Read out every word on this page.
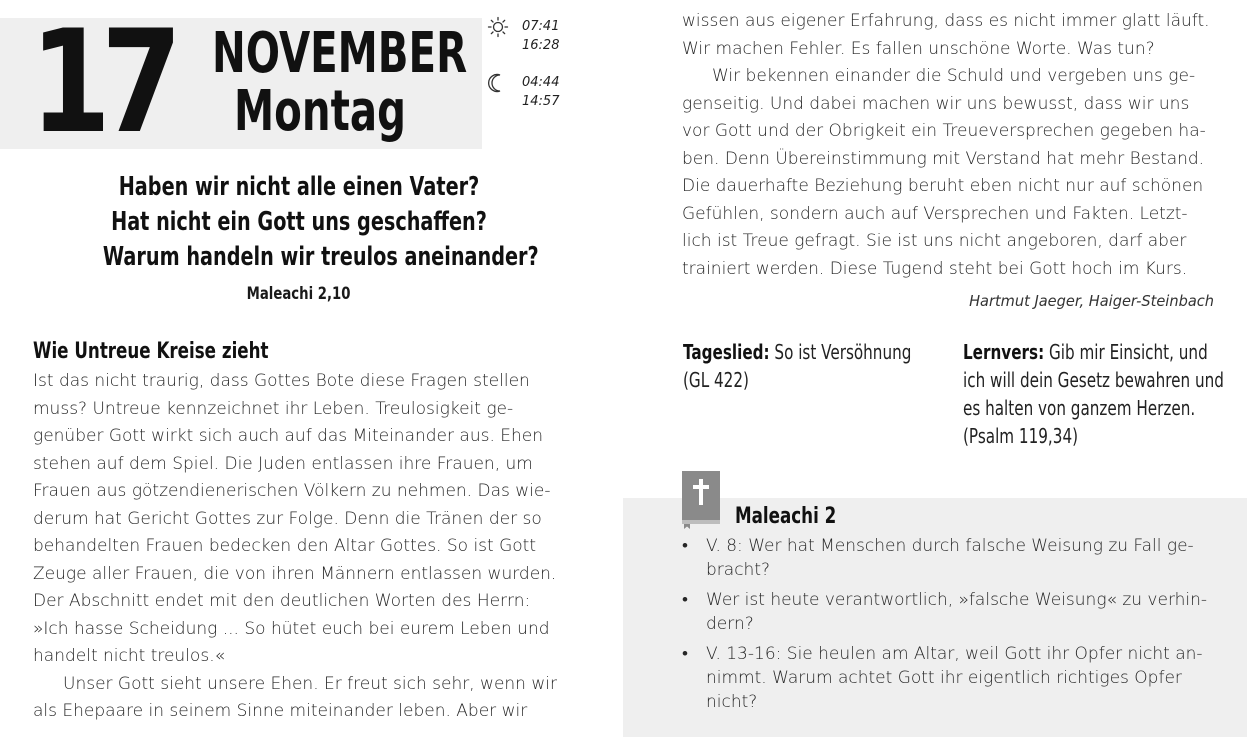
17 NOVEMBER
Montag
07:41
16:28
04:44
14:57
Haben wir nicht alle einen Vater?
Hat nicht ein Gott uns geschaffen?
Warum handeln wir treulos aneinander?
Maleachi 2,10
Wie Untreue Kreise zieht
Ist das nicht traurig, dass Gottes Bote diese Fragen stellen
muss? Untreue kennzeichnet ihr Leben. Treulosigkeit ge-
genüber Gott wirkt sich auch auf das Miteinander aus. Ehen
stehen auf dem Spiel. Die Juden entlassen ihre Frauen, um
Frauen aus götzendienerischen Völkern zu nehmen. Das wie-
derum hat Gericht Gottes zur Folge. Denn die Tränen der so
behandelten Frauen bedecken den Altar Gottes. So ist Gott
Zeuge aller Frauen, die von ihren Männern entlassen wurden.
Der Abschnitt endet mit den deutlichen Worten des Herrn:
»Ich hasse Scheidung ... So hütet euch bei eurem Leben und
handelt nicht treulos.«
Unser Gott sieht unsere Ehen. Er freut sich sehr, wenn wir
als Ehepaare in seinem Sinne miteinander leben. Aber wir
wissen aus eigener Erfahrung, dass es nicht immer glatt läuft.
Wir machen Fehler. Es fallen unschöne Worte. Was tun?
Wir bekennen einander die Schuld und vergeben uns ge-
genseitig. Und dabei machen wir uns bewusst, dass wir uns
vor Gott und der Obrigkeit ein Treueversprechen gegeben ha-
ben. Denn Übereinstimmung mit Verstand hat mehr Bestand.
Die dauerhafte Beziehung beruht eben nicht nur auf schönen
Gefühlen, sondern auch auf Versprechen und Fakten. Letzt-
lich ist Treue gefragt. Sie ist uns nicht angeboren, darf aber
trainiert werden. Diese Tugend steht bei Gott hoch im Kurs.
Hartmut Jaeger, Haiger-Steinbach
Tageslied: So ist Versöhnung
(GL 422)
Lernvers: Gib mir Einsicht, und
ich will dein Gesetz bewahren und
es halten von ganzem Herzen.
(Psalm 119,34)
Maleachi 2
• V. 8: Wer hat Menschen durch falsche Weisung zu Fall ge-
bracht?
• Wer ist heute verantwortlich, »falsche Weisung« zu verhin-
dern?
• V. 13-16: Sie heulen am Altar, weil Gott ihr Opfer nicht an-
nimmt. Warum achtet Gott ihr eigentlich richtiges Opfer
nicht?
